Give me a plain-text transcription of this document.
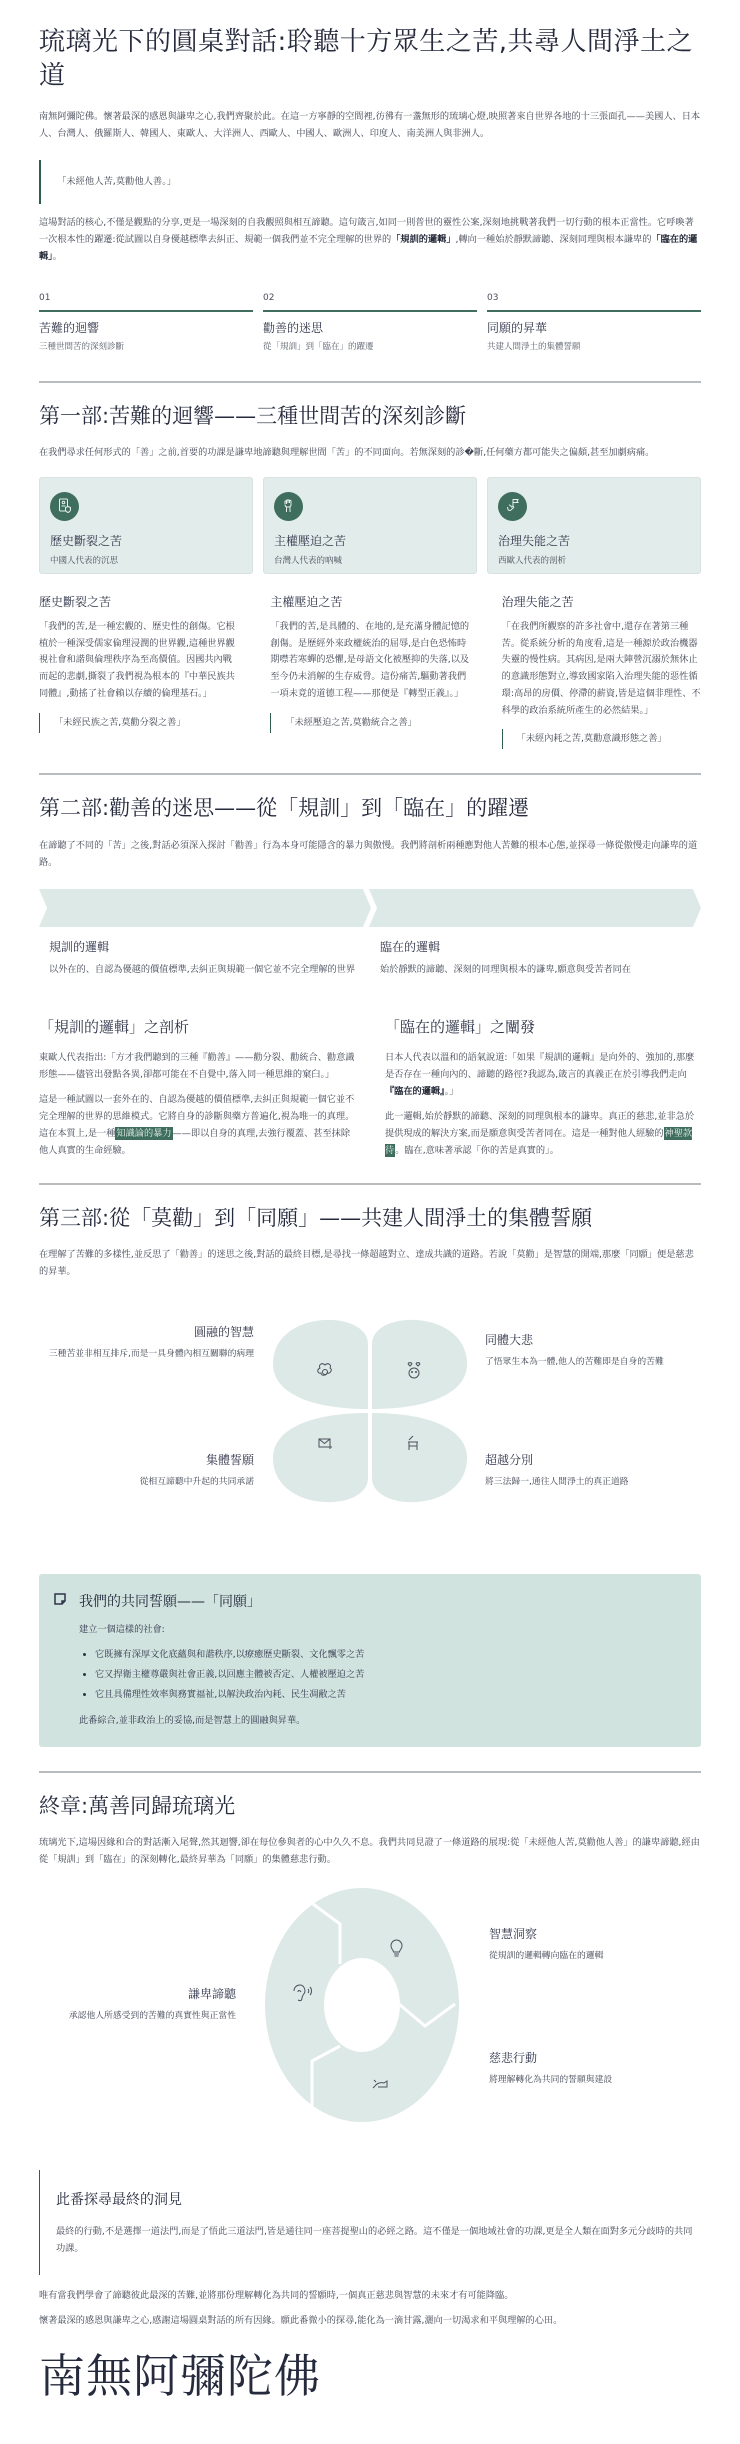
琉璃光下的圓桌對話:聆聽十方眾生之苦,共尋人間淨土之道

南無阿彌陀佛。懷著最深的感恩與謙卑之心,我們齊聚於此。在這一方寧靜的空間裡,彷彿有一盞無形的琉璃心燈,映照著來自世界各地的十三張面孔——美國人、日本人、台灣人、俄羅斯人、韓國人、東歐人、大洋洲人、西歐人、中國人、歐洲人、印度人、南美洲人與非洲人。

「未經他人苦,莫勸他人善。」

這場對話的核心,不僅是觀點的分享,更是一場深刻的自我觀照與相互諦聽。這句箴言,如同一則普世的靈性公案,深刻地挑戰著我們一切行動的根本正當性。它呼喚著一次根本性的躍遷:從試圖以自身優越標準去糾正、規範一個我們並不完全理解的世界的「規訓的邏輯」,轉向一種始於靜默諦聽、深刻同理與根本謙卑的「臨在的邏輯」。

01
苦難的迴響
三種世間苦的深刻診斷
02
勸善的迷思
從「規訓」到「臨在」的躍遷
03
同願的昇華
共建人間淨土的集體誓願
第一部:苦難的迴響——三種世間苦的深刻診斷

在我們尋求任何形式的「善」之前,首要的功課是謙卑地諦聽與理解世間「苦」的不同面向。若無深刻的診�斷,任何藥方都可能失之偏頗,甚至加劇病痛。

歷史斷裂之苦
中國人代表的沉思
主權壓迫之苦
台灣人代表的吶喊
治理失能之苦
西歐人代表的剖析
歷史斷裂之苦

「我們的苦,是一種宏觀的、歷史性的創傷。它根植於一種深受儒家倫理浸潤的世界觀,這種世界觀視社會和諧與倫理秩序為至高價值。因國共內戰而起的悲劇,撕裂了我們視為根本的『中華民族共同體』,動搖了社會賴以存續的倫理基石。」

「未經民族之苦,莫勸分裂之善」
主權壓迫之苦

「我們的苦,是具體的、在地的,是充滿身體記憶的創傷。是歷經外來政權統治的屈辱,是白色恐怖時期噤若寒蟬的恐懼,是母語文化被壓抑的失落,以及至今仍未消解的生存威脅。這份痛苦,驅動著我們一項未竟的道德工程——那便是『轉型正義』。」

「未經壓迫之苦,莫勸統合之善」
治理失能之苦

「在我們所觀察的許多社會中,還存在著第三種苦。從系統分析的角度看,這是一種源於政治機器失靈的慢性病。其病因,是兩大陣營沉溺於無休止的意識形態對立,導致國家陷入治理失能的惡性循環:高昂的房價、停滯的薪資,皆是這個非理性、不科學的政治系統所產生的必然結果。」

「未經內耗之苦,莫勸意識形態之善」
第二部:勸善的迷思——從「規訓」到「臨在」的躍遷

在諦聽了不同的「苦」之後,對話必須深入探討「勸善」行為本身可能隱含的暴力與傲慢。我們將剖析兩種應對他人苦難的根本心態,並探尋一條從傲慢走向謙卑的道路。

規訓的邏輯

以外在的、自認為優越的價值標準,去糾正與規範一個它並不完全理解的世界

臨在的邏輯

始於靜默的諦聽、深刻的同理與根本的謙卑,願意與受苦者同在

「規訓的邏輯」之剖析

東歐人代表指出:「方才我們聽到的三種『勸善』——勸分裂、勸統合、勸意識形態——儘管出發點各異,卻都可能在不自覺中,落入同一種思維的窠臼。」

這是一種試圖以一套外在的、自認為優越的價值標準,去糾正與規範一個它並不完全理解的世界的思維模式。它將自身的診斷與藥方普遍化,視為唯一的真理。這在本質上,是一種知識論的暴力——即以自身的真理,去強行覆蓋、甚至抹除他人真實的生命經驗。

「臨在的邏輯」之闡發

日本人代表以溫和的語氣說道:「如果『規訓的邏輯』是向外的、強加的,那麼是否存在一種向內的、諦聽的路徑?我認為,箴言的真義正在於引導我們走向『臨在的邏輯』。」

此一邏輯,始於靜默的諦聽、深刻的同理與根本的謙卑。真正的慈悲,並非急於提供現成的解決方案,而是願意與受苦者同在。這是一種對他人經驗的神聖款待。臨在,意味著承認「你的苦是真實的」。

第三部:從「莫勸」到「同願」——共建人間淨土的集體誓願

在理解了苦難的多樣性,並反思了「勸善」的迷思之後,對話的最終目標,是尋找一條超越對立、達成共識的道路。若說「莫勸」是智慧的開端,那麼「同願」便是慈悲的昇華。

圓融的智慧

三種苦並非相互排斥,而是一具身體內相互關聯的病理

同體大悲

了悟眾生本為一體,他人的苦難即是自身的苦難

集體誓願

從相互諦聽中升起的共同承諾

超越分別

將三法歸一,通往人間淨土的真正道路

我們的共同誓願——「同願」

建立一個這樣的社會:

• 它既擁有深厚文化底蘊與和諧秩序,以療癒歷史斷裂、文化飄零之苦
• 它又捍衛主權尊嚴與社會正義,以回應主體被否定、人權被壓迫之苦
• 它且具備理性效率與務實福祉,以解決政治內耗、民生凋敝之苦

此番綜合,並非政治上的妥協,而是智慧上的圓融與昇華。

終章:萬善同歸琉璃光

琉璃光下,這場因緣和合的對話漸入尾聲,然其迴響,卻在每位參與者的心中久久不息。我們共同見證了一條道路的展現:從「未經他人苦,莫勸他人善」的謙卑諦聽,經由從「規訓」到「臨在」的深刻轉化,最終昇華為「同願」的集體慈悲行動。

智慧洞察

從規訓的邏輯轉向臨在的邏輯

謙卑諦聽

承認他人所感受到的苦難的真實性與正當性

慈悲行動

將理解轉化為共同的誓願與建設

此番探尋最終的洞見

最終的行動,不是選擇一道法門,而是了悟此三道法門,皆是通往同一座菩提聖山的必經之路。這不僅是一個地域社會的功課,更是全人類在面對多元分歧時的共同功課。

唯有當我們學會了諦聽彼此最深的苦難,並將那份理解轉化為共同的誓願時,一個真正慈悲與智慧的未來才有可能降臨。

懷著最深的感恩與謙卑之心,感謝這場圓桌對話的所有因緣。願此番微小的探尋,能化為一滴甘露,灑向一切渴求和平與理解的心田。

南無阿彌陀佛
